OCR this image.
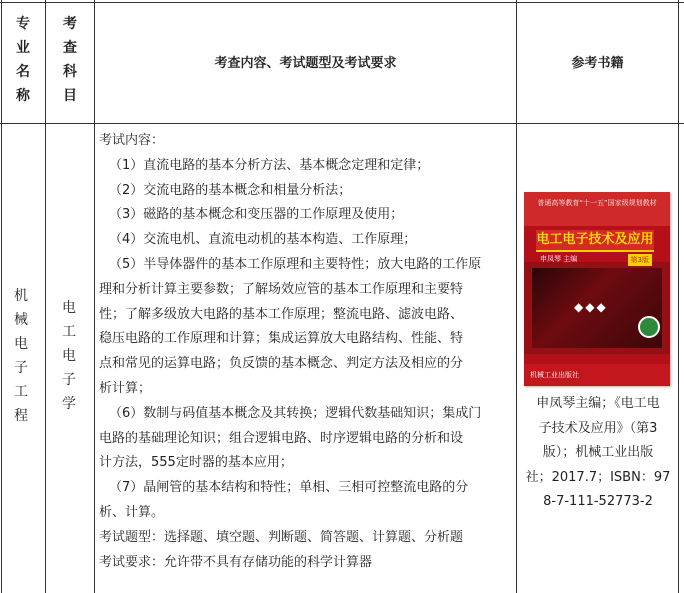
专
业
名
称
考
查
科
目
考查内容、考试题型及考试要求	参考书籍
机
械
电
子
工
程
电
工
电
子
学
考试内容：
（1）直流电路的基本分析方法、基本概念定理和定律；
（2）交流电路的基本概念和相量分析法；
（3）磁路的基本概念和变压器的工作原理及使用；
（4）交流电机、直流电动机的基本构造、工作原理；
（5）半导体器件的基本工作原理和主要特性；放大电路的工作原
理和分析计算主要参数；了解场效应管的基本工作原理和主要特
性；了解多级放大电路的基本工作原理；整流电路、滤波电路、
稳压电路的工作原理和计算；集成运算放大电路结构、性能、特
点和常见的运算电路；负反馈的基本概念、判定方法及相应的分
析计算；
（6）数制与码值基本概念及其转换；逻辑代数基础知识；集成门
电路的基础理论知识；组合逻辑电路、时序逻辑电路的分析和设
计方法，555定时器的基本应用；
（7）晶闸管的基本结构和特性；单相、三相可控整流电路的分
析、计算。
考试题型：选择题、填空题、判断题、简答题、计算题、分析题
考试要求：允许带不具有存储功能的科学计算器
普通高等教育“十一五”国家级规划教材
电工电子技术及应用
申凤琴 主编	第3版
◆◆◆
机械工业出版社
申凤琴主编；《电工电
子技术及应用》（第3
版）；机械工业出版
社；2017.7；ISBN：97
8-7-111-52773-2
